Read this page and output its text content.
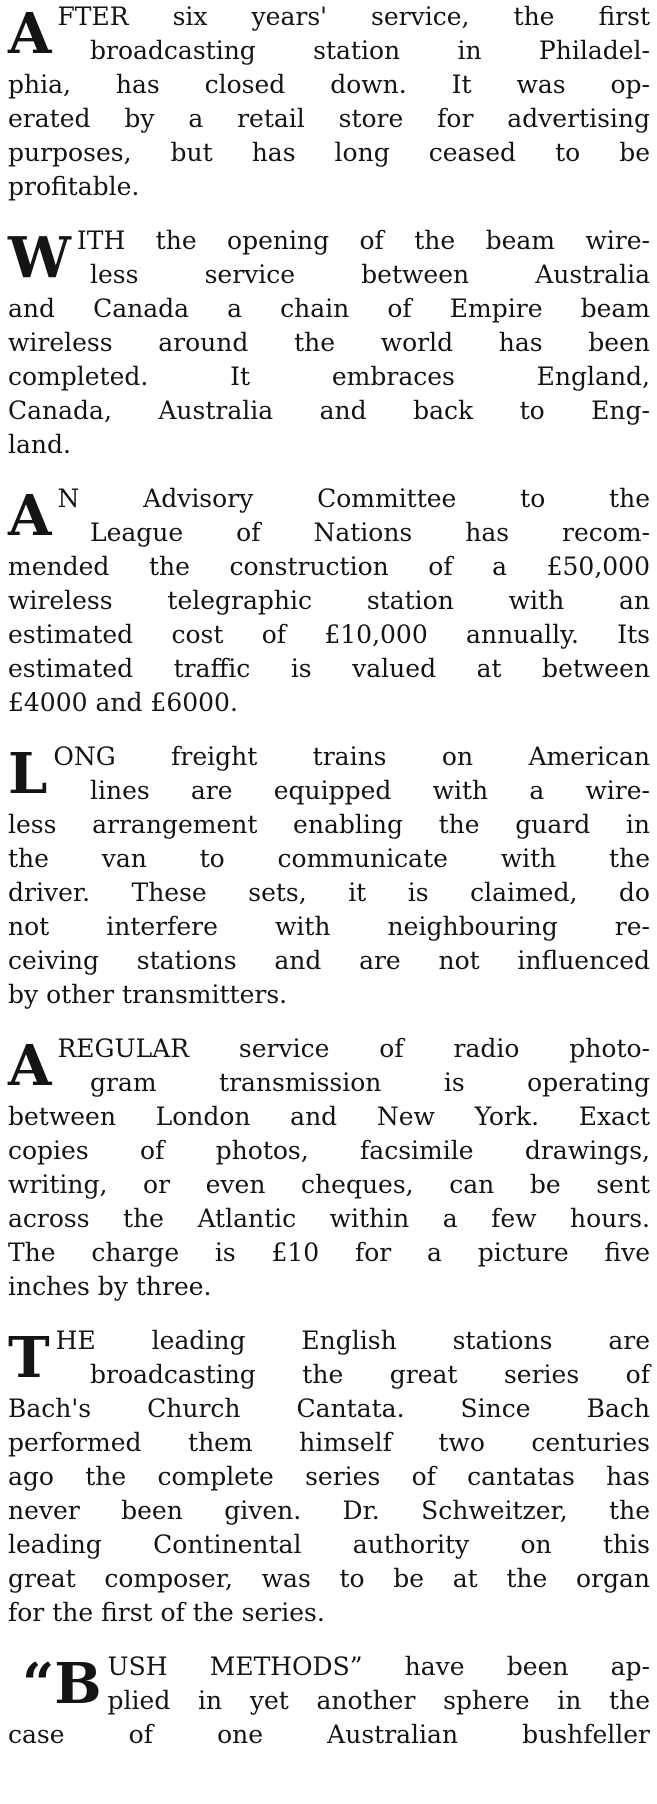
A FTER six years' service, the first
broadcasting station in Philadel-
phia, has closed down. It was op-
erated by a retail store for advertising
purposes, but has long ceased to be
profitable.
W ITH the opening of the beam wire-
less service between Australia
and Canada a chain of Empire beam
wireless around the world has been
completed. It embraces England,
Canada, Australia and back to Eng-
land.
A N Advisory Committee to the
League of Nations has recom-
mended the construction of a £50,000
wireless telegraphic station with an
estimated cost of £10,000 annually. Its
estimated traffic is valued at between
£4000 and £6000.
L ONG freight trains on American
lines are equipped with a wire-
less arrangement enabling the guard in
the van to communicate with the
driver. These sets, it is claimed, do
not interfere with neighbouring re-
ceiving stations and are not influenced
by other transmitters.
A REGULAR service of radio photo-
gram transmission is operating
between London and New York. Exact
copies of photos, facsimile drawings,
writing, or even cheques, can be sent
across the Atlantic within a few hours.
The charge is £10 for a picture five
inches by three.
T HE leading English stations are
broadcasting the great series of
Bach's Church Cantata. Since Bach
performed them himself two centuries
ago the complete series of cantatas has
never been given. Dr. Schweitzer, the
leading Continental authority on this
great composer, was to be at the organ
for the first of the series.
“B USH METHODS” have been ap-
plied in yet another sphere in the
case of one Australian bushfeller
